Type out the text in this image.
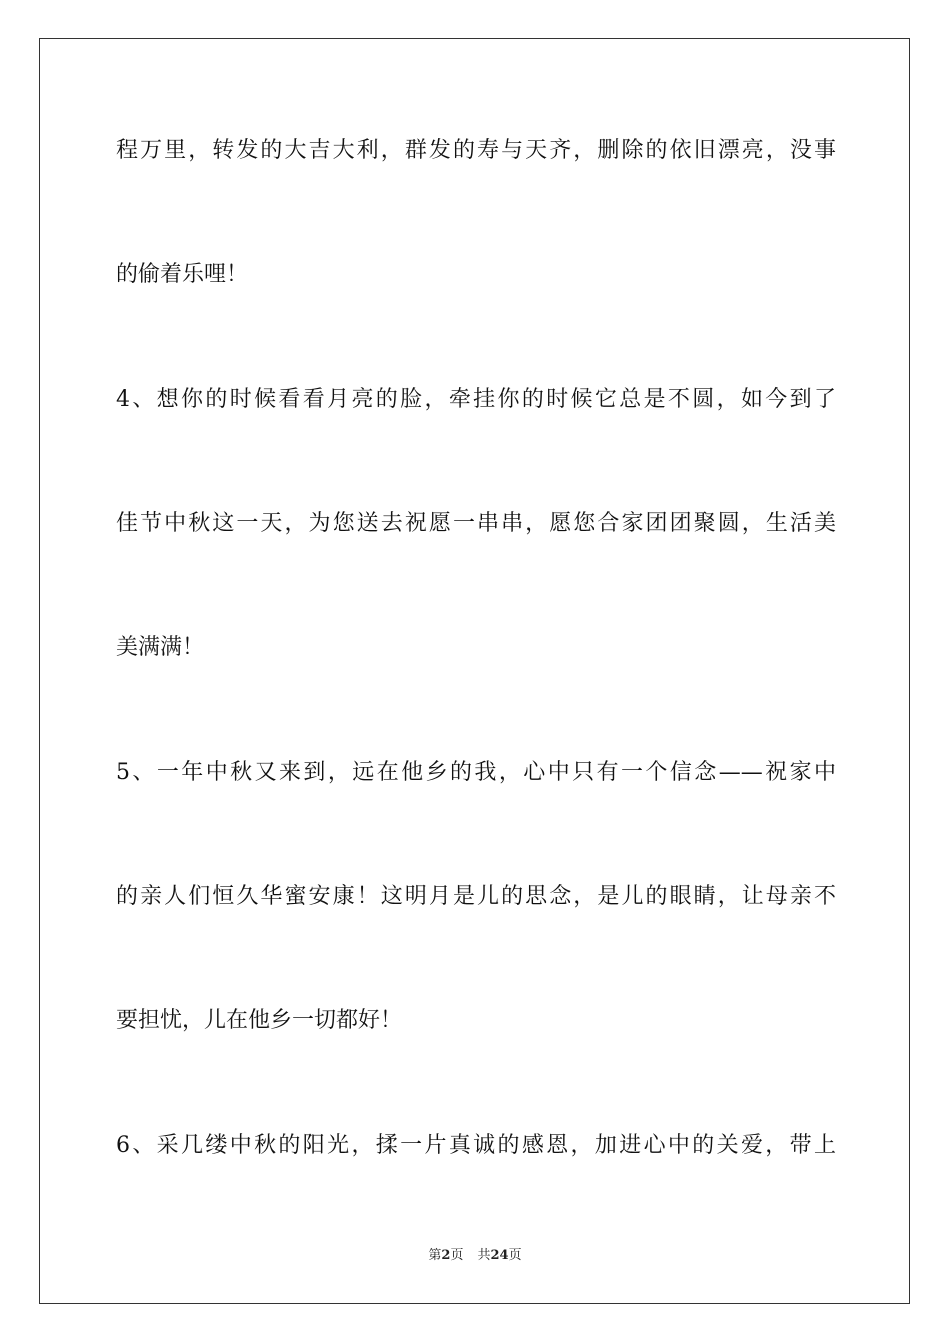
程万里，转发的大吉大利，群发的寿与天齐，删除的依旧漂亮，没事
的偷着乐哩！
4、想你的时候看看月亮的脸，牵挂你的时候它总是不圆，如今到了
佳节中秋这一天，为您送去祝愿一串串，愿您合家团团聚圆，生活美
美满满！
5、一年中秋又来到，远在他乡的我，心中只有一个信念——祝家中
的亲人们恒久华蜜安康！这明月是儿的思念，是儿的眼睛，让母亲不
要担忧，儿在他乡一切都好！
6、采几缕中秋的阳光，揉一片真诚的感恩，加进心中的关爱，带上
第2页 共24页
